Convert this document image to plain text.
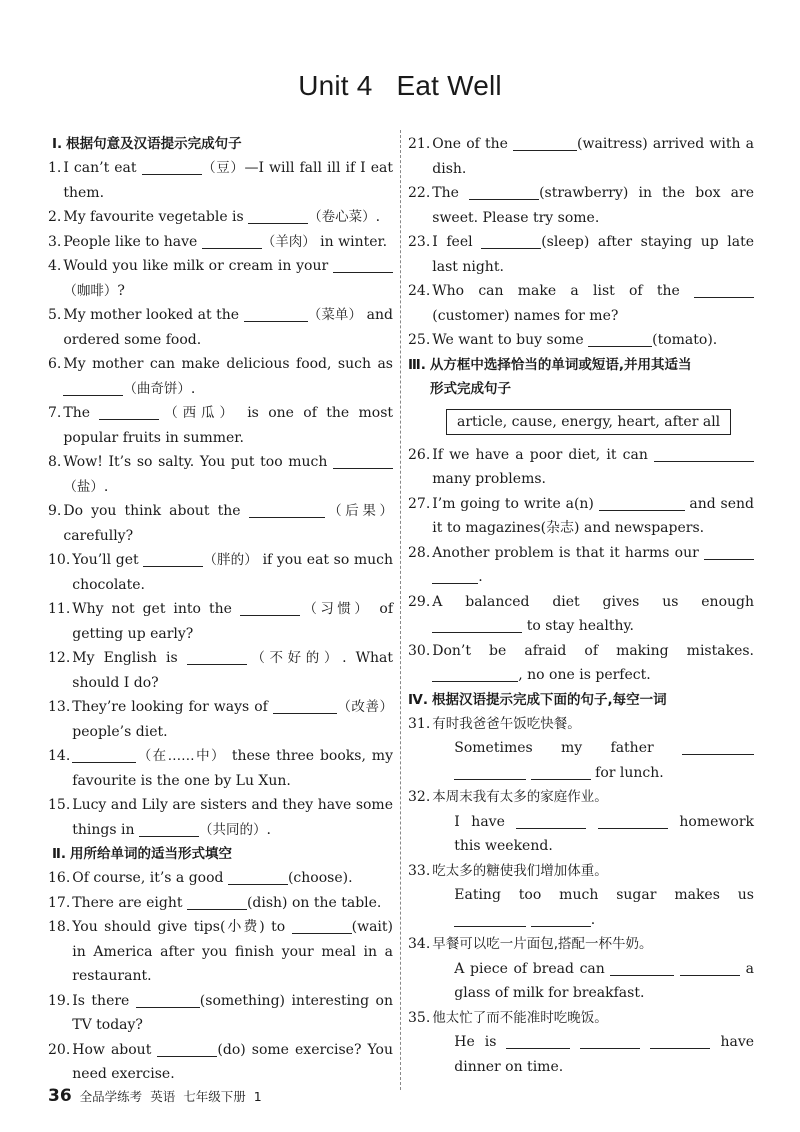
Unit 4   Eat Well
Ⅰ. 根据句意及汉语提示完成句子
1. I can’t eat	（豆）—I will fall ill if I eat them.
2. My favourite vegetable is	（卷心菜）.
3. People like to have	（羊肉） in winter.
4. Would you like milk or cream in your （咖啡）?
5. My mother looked at the	（菜单） and ordered some food.
6. My mother can make delicious food, such as （曲奇饼）.
7. The	（西瓜） is one of the most popular fruits in summer.
8. Wow! It’s so salty. You put too much （盐）.
9. Do you think about the	（后果） carefully?
10. You’ll get	（胖的） if you eat so much chocolate.
11. Why not get into the	（习惯） of getting up early?
12. My English is	（不好的）. What should I do?
13. They’re looking for ways of	（改善） people’s diet.
14.	（在……中） these three books, my favourite is the one by Lu Xun.
15. Lucy and Lily are sisters and they have some things in	（共同的）.
Ⅱ. 用所给单词的适当形式填空
16. Of course, it’s a good	(choose).
17. There are eight	(dish) on the table.
18. You should give tips(小费) to	(wait) in America after you finish your meal in a restaurant.
19. Is there	(something) interesting on TV today?
20. How about	(do) some exercise? You need exercise.
21. One of the	(waitress) arrived with a dish.
22. The	(strawberry) in the box are sweet. Please try some.
23. I feel	(sleep) after staying up late last night.
24. Who can make a list of the (customer) names for me?
25. We want to buy some	(tomato).
Ⅲ. 从方框中选择恰当的单词或短语,并用其适当
形式完成句子
article, cause, energy, heart, after all
26. If we have a poor diet, it can  many problems.
27. I’m going to write a(n)	and send it to magazines(杂志) and newspapers.
28. Another problem is that it harms our  .
29. A balanced diet gives us enough  to stay healthy.
30. Don’t be afraid of making mistakes. , no one is perfect.
Ⅳ. 根据汉语提示完成下面的句子,每空一词
31. 有时我爸爸午饭吃快餐。
Sometimes my father    for lunch.
32. 本周末我有太多的家庭作业。
I have	homework this weekend.
33. 吃太多的糖使我们增加体重。
Eating too much sugar makes us  .
34. 早餐可以吃一片面包,搭配一杯牛奶。
A piece of bread can	a glass of milk for breakfast.
35. 他太忙了而不能准时吃晚饭。
He is	have dinner on time.
36 全品学练考 英语 七年级下册 1
